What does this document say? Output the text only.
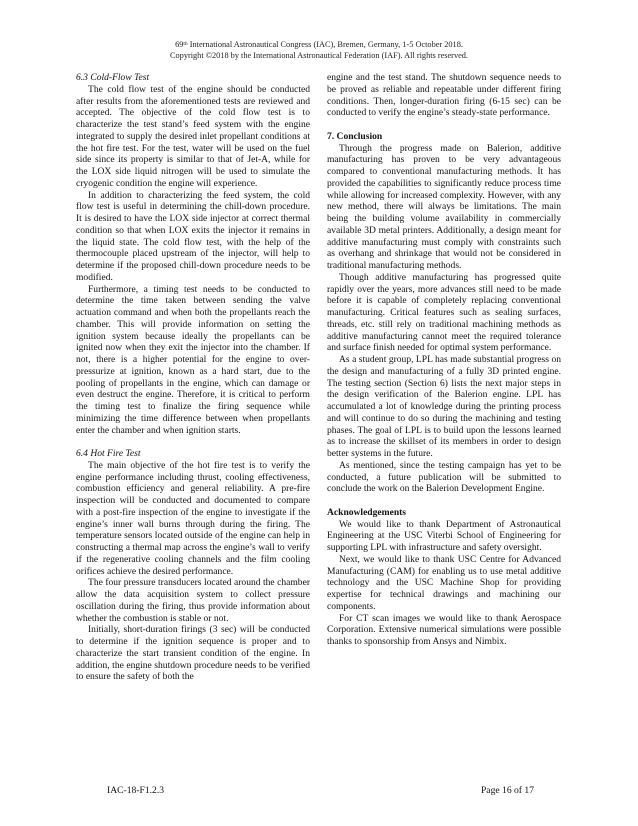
69th International Astronautical Congress (IAC), Bremen, Germany, 1-5 October 2018.
Copyright ©2018 by the International Astronautical Federation (IAF). All rights reserved.
6.3 Cold-Flow Test

The cold flow test of the engine should be conducted after results from the aforementioned tests are reviewed and accepted. The objective of the cold flow test is to characterize the test stand’s feed system with the engine integrated to supply the desired inlet propellant conditions at the hot fire test. For the test, water will be used on the fuel side since its property is similar to that of Jet-A, while for the LOX side liquid nitrogen will be used to simulate the cryogenic condition the engine will experience.

In addition to characterizing the feed system, the cold flow test is useful in determining the chill-down procedure. It is desired to have the LOX side injector at correct thermal condition so that when LOX exits the injector it remains in the liquid state. The cold flow test, with the help of the thermocouple placed upstream of the injector, will help to determine if the proposed chill-down procedure needs to be modified.

Furthermore, a timing test needs to be conducted to determine the time taken between sending the valve actuation command and when both the propellants reach the chamber. This will provide information on setting the ignition system because ideally the propellants can be ignited now when they exit the injector into the chamber. If not, there is a higher potential for the engine to over-pressurize at ignition, known as a hard start, due to the pooling of propellants in the engine, which can damage or even destruct the engine. Therefore, it is critical to perform the timing test to finalize the firing sequence while minimizing the time difference between when propellants enter the chamber and when ignition starts.

6.4 Hot Fire Test

The main objective of the hot fire test is to verify the engine performance including thrust, cooling effectiveness, combustion efficiency and general reliability. A pre-fire inspection will be conducted and documented to compare with a post-fire inspection of the engine to investigate if the engine’s inner wall burns through during the firing. The temperature sensors located outside of the engine can help in constructing a thermal map across the engine’s wall to verify if the regenerative cooling channels and the film cooling orifices achieve the desired performance.

The four pressure transducers located around the chamber allow the data acquisition system to collect pressure oscillation during the firing, thus provide information about whether the combustion is stable or not.

Initially, short-duration firings (3 sec) will be conducted to determine if the ignition sequence is proper and to characterize the start transient condition of the engine. In addition, the engine shutdown procedure needs to be verified to ensure the safety of both the

engine and the test stand. The shutdown sequence needs to be proved as reliable and repeatable under different firing conditions. Then, longer-duration firing (6-15 sec) can be conducted to verify the engine’s steady-state performance.

7. Conclusion

Through the progress made on Balerion, additive manufacturing has proven to be very advantageous compared to conventional manufacturing methods. It has provided the capabilities to significantly reduce process time while allowing for increased complexity. However, with any new method, there will always be limitations. The main being the building volume availability in commercially available 3D metal printers. Additionally, a design meant for additive manufacturing must comply with constraints such as overhang and shrinkage that would not be considered in traditional manufacturing methods.

Though additive manufacturing has progressed quite rapidly over the years, more advances still need to be made before it is capable of completely replacing conventional manufacturing. Critical features such as sealing surfaces, threads, etc. still rely on traditional machining methods as additive manufacturing cannot meet the required tolerance and surface finish needed for optimal system performance.

As a student group, LPL has made substantial progress on the design and manufacturing of a fully 3D printed engine. The testing section (Section 6) lists the next major steps in the design verification of the Balerion engine. LPL has accumulated a lot of knowledge during the printing process and will continue to do so during the machining and testing phases. The goal of LPL is to build upon the lessons learned as to increase the skillset of its members in order to design better systems in the future.

As mentioned, since the testing campaign has yet to be conducted, a future publication will be submitted to conclude the work on the Balerion Development Engine.

Acknowledgements

We would like to thank Department of Astronautical Engineering at the USC Viterbi School of Engineering for supporting LPL with infrastructure and safety oversight.

Next, we would like to thank USC Centre for Advanced Manufacturing (CAM) for enabling us to use metal additive technology and the USC Machine Shop for providing expertise for technical drawings and machining our components.

For CT scan images we would like to thank Aerospace Corporation. Extensive numerical simulations were possible thanks to sponsorship from Ansys and Nimbix.

IAC-18-F1.2.3	Page 16 of 17
